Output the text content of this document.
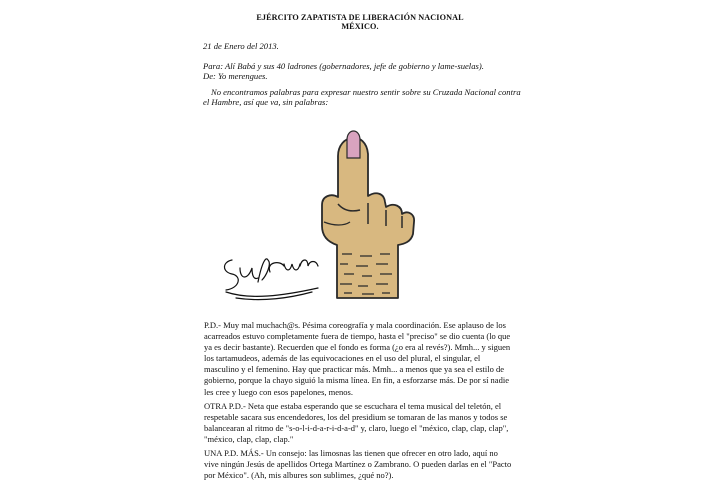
EJÉRCITO ZAPATISTA DE LIBERACIÓN NACIONAL
MÉXICO.
21 de Enero del 2013.
Para: Alí Babá y sus 40 ladrones (gobernadores, jefe de gobierno y lame-suelas).
De: Yo merengues.
No encontramos palabras para expresar nuestro sentir sobre su Cruzada Nacional contra
el Hambre, así que va, sin palabras:
P.D.- Muy mal muchach@s. Pésima coreografía y mala coordinación. Ese aplauso de los
acarreados estuvo completamente fuera de tiempo, hasta el "preciso" se dio cuenta (lo que
ya es decir bastante). Recuerden que el fondo es forma (¿o era al revés?). Mmh... y siguen
los tartamudeos, además de las equivocaciones en el uso del plural, el singular, el
masculino y el femenino. Hay que practicar más. Mmh... a menos que ya sea el estilo de
gobierno, porque la chayo siguió la misma línea. En fin, a esforzarse más. De por sí nadie
les cree y luego con esos papelones, menos.
OTRA P.D.- Neta que estaba esperando que se escuchara el tema musical del teletón, el
respetable sacara sus encendedores, los del presidium se tomaran de las manos y todos se
balancearan al ritmo de "s-o-l-i-d-a-r-i-d-a-d" y, claro, luego el "méxico, clap, clap, clap",
"méxico, clap, clap, clap."
UNA P.D. MÁS.- Un consejo: las limosnas las tienen que ofrecer en otro lado, aquí no
vive ningún Jesús de apellidos Ortega Martínez o Zambrano. O pueden darlas en el "Pacto
por México". (Ah, mis albures son sublimes, ¿qué no?).
